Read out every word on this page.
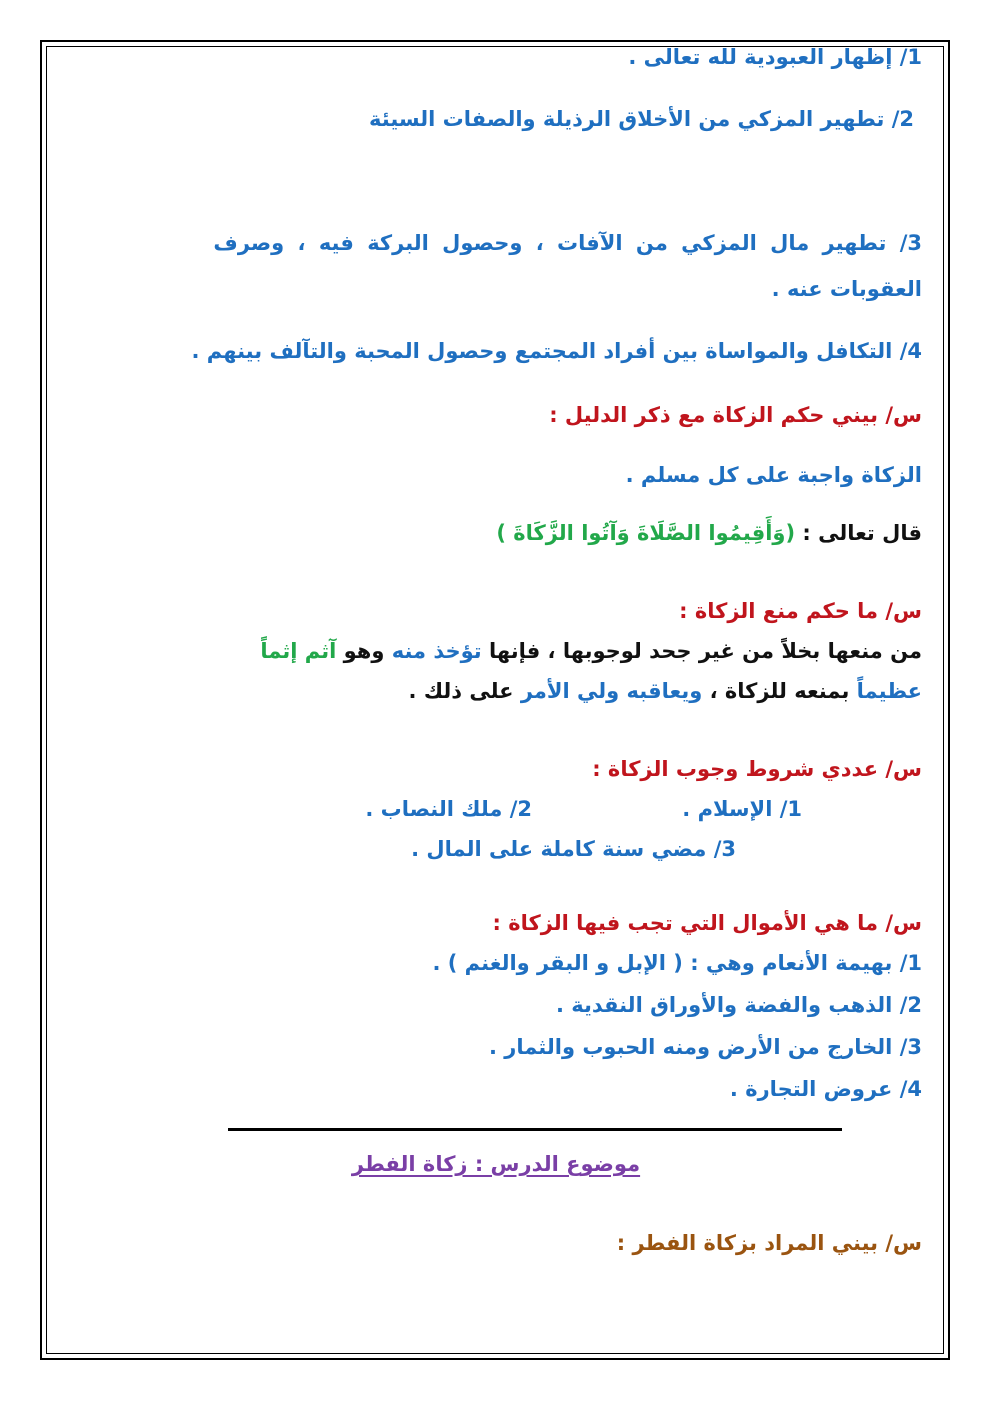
1/ إظهار العبودية لله تعالى .
2/ تطهير المزكي من الأخلاق الرذيلة والصفات السيئة
3/ تطهير مال المزكي من الآفات ، وحصول البركة فيه ، وصرف
العقوبات عنه .
4/ التكافل والمواساة بين أفراد المجتمع وحصول المحبة والتآلف بينهم .
س/ بيني حكم الزكاة مع ذكر الدليل :
الزكاة واجبة على كل مسلم .
قال تعالى : (وَأَقِيمُوا الصَّلَاةَ وَآتُوا الزَّكَاةَ )
س/ ما حكم منع الزكاة :
من منعها بخلاً من غير جحد لوجوبها ، فإنها تؤخذ منه وهو آثم إثماً
عظيماً بمنعه للزكاة ، ويعاقبه ولي الأمر على ذلك .
س/ عددي شروط وجوب الزكاة :
1/ الإسلام .
2/ ملك النصاب .
3/ مضي سنة كاملة على المال .
س/ ما هي الأموال التي تجب فيها الزكاة :
1/ بهيمة الأنعام وهي : ( الإبل و البقر والغنم ) .
2/ الذهب والفضة والأوراق النقدية .
3/ الخارج من الأرض ومنه الحبوب والثمار .
4/ عروض التجارة .
موضوع الدرس : زكاة الفطر
س/ بيني المراد بزكاة الفطر :
